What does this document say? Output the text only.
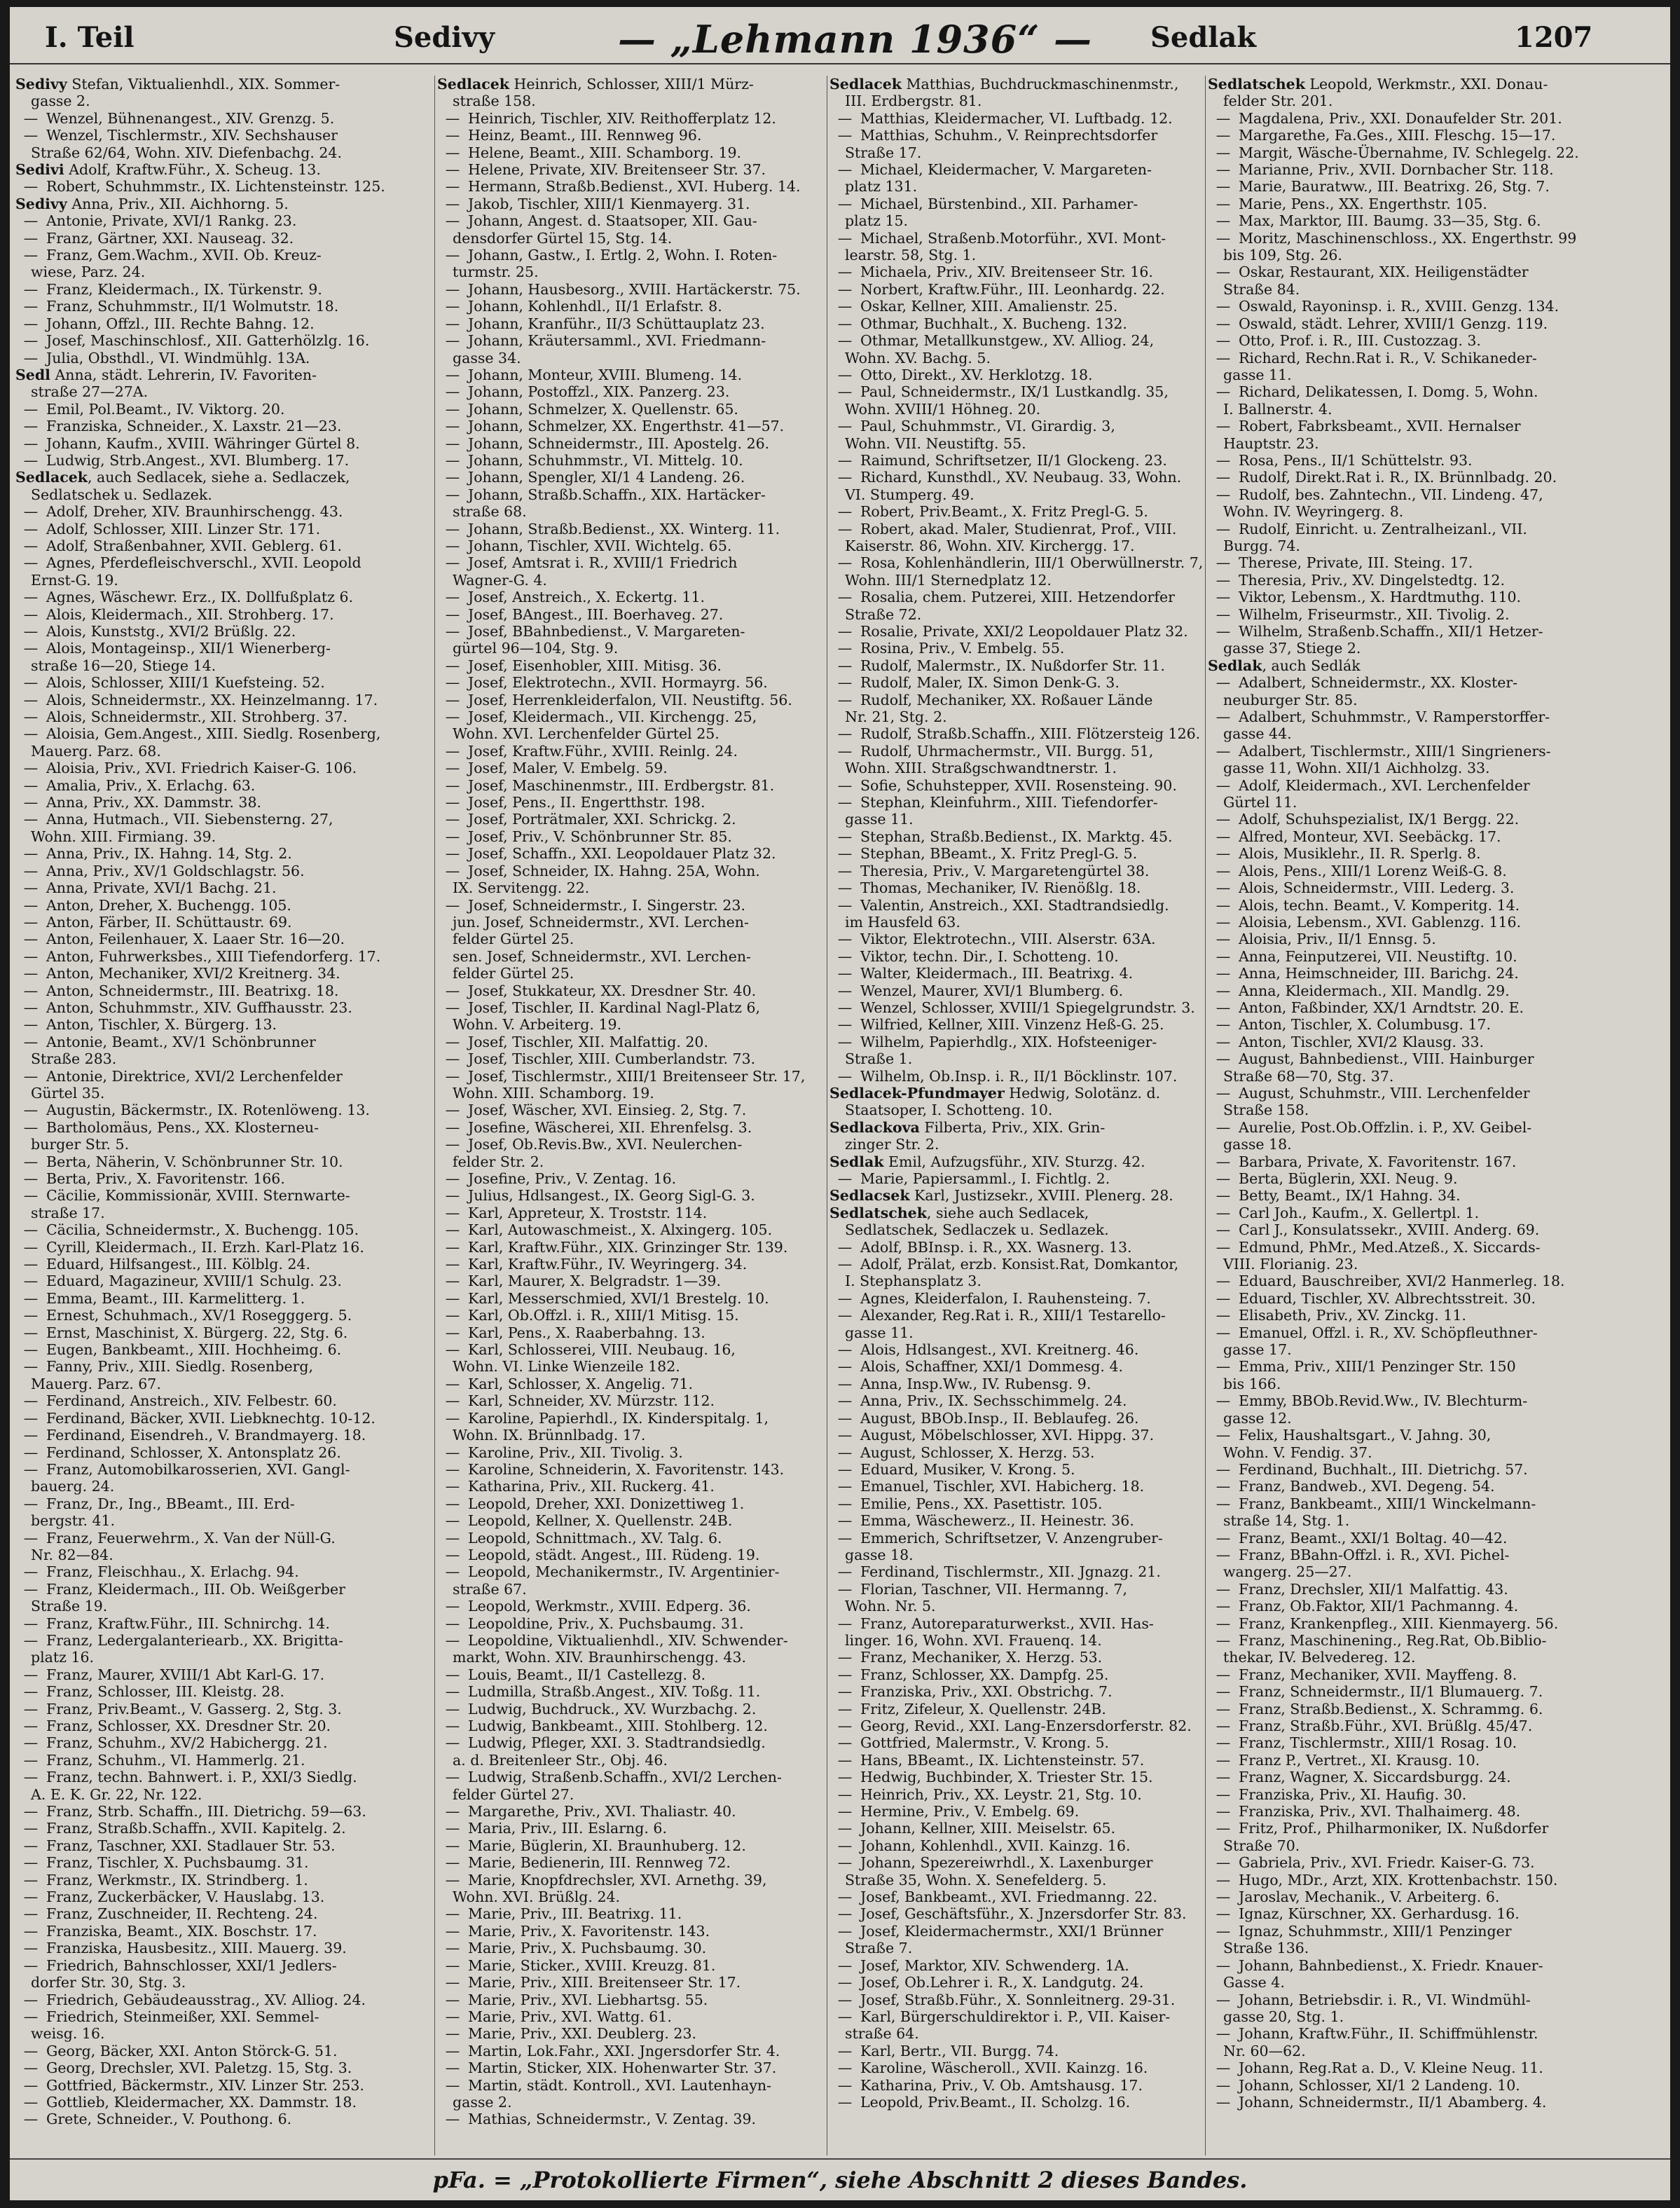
I. Teil	Sedivy	— „Lehmann 1936“ — Sedlak	1207
Sedivy Stefan, Viktualienhdl., XIX. Sommer-
gasse 2.
— Wenzel, Bühnenangest., XIV. Grenzg. 5.
— Wenzel, Tischlermstr., XIV. Sechshauser
Straße 62/64, Wohn. XIV. Diefenbachg. 24.
Sedivi Adolf, Kraftw.Führ., X. Scheug. 13.
— Robert, Schuhmmstr., IX. Lichtensteinstr. 125.
Sedivy Anna, Priv., XII. Aichhorng. 5.
— Antonie, Private, XVI/1 Rankg. 23.
— Franz, Gärtner, XXI. Nauseag. 32.
— Franz, Gem.Wachm., XVII. Ob. Kreuz-
wiese, Parz. 24.
— Franz, Kleidermach., IX. Türkenstr. 9.
— Franz, Schuhmmstr., II/1 Wolmutstr. 18.
— Johann, Offzl., III. Rechte Bahng. 12.
— Josef, Maschinschlosf., XII. Gatterhölzlg. 16.
— Julia, Obsthdl., VI. Windmühlg. 13A.
Sedl Anna, städt. Lehrerin, IV. Favoriten-
straße 27—27A.
— Emil, Pol.Beamt., IV. Viktorg. 20.
— Franziska, Schneider., X. Laxstr. 21—23.
— Johann, Kaufm., XVIII. Währinger Gürtel 8.
— Ludwig, Strb.Angest., XVI. Blumberg. 17.
Sedlacek, auch Sedlacek, siehe a. Sedlaczek,
Sedlatschek u. Sedlazek.
— Adolf, Dreher, XIV. Braunhirschengg. 43.
— Adolf, Schlosser, XIII. Linzer Str. 171.
— Adolf, Straßenbahner, XVII. Geblerg. 61.
— Agnes, Pferdefleischverschl., XVII. Leopold
Ernst-G. 19.
— Agnes, Wäschewr. Erz., IX. Dollfußplatz 6.
— Alois, Kleidermach., XII. Strohberg. 17.
— Alois, Kunststg., XVI/2 Brüßlg. 22.
— Alois, Montageinsp., XII/1 Wienerberg-
straße 16—20, Stiege 14.
— Alois, Schlosser, XIII/1 Kuefsteing. 52.
— Alois, Schneidermstr., XX. Heinzelmanng. 17.
— Alois, Schneidermstr., XII. Strohberg. 37.
— Aloisia, Gem.Angest., XIII. Siedlg. Rosenberg,
Mauerg. Parz. 68.
— Aloisia, Priv., XVI. Friedrich Kaiser-G. 106.
— Amalia, Priv., X. Erlachg. 63.
— Anna, Priv., XX. Dammstr. 38.
— Anna, Hutmach., VII. Siebensterng. 27,
Wohn. XIII. Firmiang. 39.
— Anna, Priv., IX. Hahng. 14, Stg. 2.
— Anna, Priv., XV/1 Goldschlagstr. 56.
— Anna, Private, XVI/1 Bachg. 21.
— Anton, Dreher, X. Buchengg. 105.
— Anton, Färber, II. Schüttaustr. 69.
— Anton, Feilenhauer, X. Laaer Str. 16—20.
— Anton, Fuhrwerksbes., XIII Tiefendorferg. 17.
— Anton, Mechaniker, XVI/2 Kreitnerg. 34.
— Anton, Schneidermstr., III. Beatrixg. 18.
— Anton, Schuhmmstr., XIV. Guffhausstr. 23.
— Anton, Tischler, X. Bürgerg. 13.
— Antonie, Beamt., XV/1 Schönbrunner
Straße 283.
— Antonie, Direktrice, XVI/2 Lerchenfelder
Gürtel 35.
— Augustin, Bäckermstr., IX. Rotenlöweng. 13.
— Bartholomäus, Pens., XX. Klosterneu-
burger Str. 5.
— Berta, Näherin, V. Schönbrunner Str. 10.
— Berta, Priv., X. Favoritenstr. 166.
— Cäcilie, Kommissionär, XVIII. Sternwarte-
straße 17.
— Cäcilia, Schneidermstr., X. Buchengg. 105.
— Cyrill, Kleidermach., II. Erzh. Karl-Platz 16.
— Eduard, Hilfsangest., III. Kölblg. 24.
— Eduard, Magazineur, XVIII/1 Schulg. 23.
— Emma, Beamt., III. Karmelitterg. 1.
— Ernest, Schuhmach., XV/1 Rosegggerg. 5.
— Ernst, Maschinist, X. Bürgerg. 22, Stg. 6.
— Eugen, Bankbeamt., XIII. Hochheimg. 6.
— Fanny, Priv., XIII. Siedlg. Rosenberg,
Mauerg. Parz. 67.
— Ferdinand, Anstreich., XIV. Felbestr. 60.
— Ferdinand, Bäcker, XVII. Liebknechtg. 10-12.
— Ferdinand, Eisendreh., V. Brandmayerg. 18.
— Ferdinand, Schlosser, X. Antonsplatz 26.
— Franz, Automobilkarosserien, XVI. Gangl-
bauerg. 24.
— Franz, Dr., Ing., BBeamt., III. Erd-
bergstr. 41.
— Franz, Feuerwehrm., X. Van der Nüll-G.
Nr. 82—84.
— Franz, Fleischhau., X. Erlachg. 94.
— Franz, Kleidermach., III. Ob. Weißgerber
Straße 19.
— Franz, Kraftw.Führ., III. Schnirchg. 14.
— Franz, Ledergalanteriearb., XX. Brigitta-
platz 16.
— Franz, Maurer, XVIII/1 Abt Karl-G. 17.
— Franz, Schlosser, III. Kleistg. 28.
— Franz, Priv.Beamt., V. Gasserg. 2, Stg. 3.
— Franz, Schlosser, XX. Dresdner Str. 20.
— Franz, Schuhm., XV/2 Habichergg. 21.
— Franz, Schuhm., VI. Hammerlg. 21.
— Franz, techn. Bahnwert. i. P., XXI/3 Siedlg.
A. E. K. Gr. 22, Nr. 122.
— Franz, Strb. Schaffn., III. Dietrichg. 59—63.
— Franz, Straßb.Schaffn., XVII. Kapitelg. 2.
— Franz, Taschner, XXI. Stadlauer Str. 53.
— Franz, Tischler, X. Puchsbaumg. 31.
— Franz, Werkmstr., IX. Strindberg. 1.
— Franz, Zuckerbäcker, V. Hauslabg. 13.
— Franz, Zuschneider, II. Rechteng. 24.
— Franziska, Beamt., XIX. Boschstr. 17.
— Franziska, Hausbesitz., XIII. Mauerg. 39.
— Friedrich, Bahnschlosser, XXI/1 Jedlers-
dorfer Str. 30, Stg. 3.
— Friedrich, Gebäudeausstrag., XV. Alliog. 24.
— Friedrich, Steinmeißer, XXI. Semmel-
weisg. 16.
— Georg, Bäcker, XXI. Anton Störck-G. 51.
— Georg, Drechsler, XVI. Paletzg. 15, Stg. 3.
— Gottfried, Bäckermstr., XIV. Linzer Str. 253.
— Gottlieb, Kleidermacher, XX. Dammstr. 18.
— Grete, Schneider., V. Pouthong. 6.
Sedlacek Heinrich, Schlosser, XIII/1 Mürz-
straße 158.
— Heinrich, Tischler, XIV. Reithofferplatz 12.
— Heinz, Beamt., III. Rennweg 96.
— Helene, Beamt., XIII. Schamborg. 19.
— Helene, Private, XIV. Breitenseer Str. 37.
— Hermann, Straßb.Bedienst., XVI. Huberg. 14.
— Jakob, Tischler, XIII/1 Kienmayerg. 31.
— Johann, Angest. d. Staatsoper, XII. Gau-
densdorfer Gürtel 15, Stg. 14.
— Johann, Gastw., I. Ertlg. 2, Wohn. I. Roten-
turmstr. 25.
— Johann, Hausbesorg., XVIII. Hartäckerstr. 75.
— Johann, Kohlenhdl., II/1 Erlafstr. 8.
— Johann, Kranführ., II/3 Schüttauplatz 23.
— Johann, Kräutersamml., XVI. Friedmann-
gasse 34.
— Johann, Monteur, XVIII. Blumeng. 14.
— Johann, Postoffzl., XIX. Panzerg. 23.
— Johann, Schmelzer, X. Quellenstr. 65.
— Johann, Schmelzer, XX. Engerthstr. 41—57.
— Johann, Schneidermstr., III. Apostelg. 26.
— Johann, Schuhmmstr., VI. Mittelg. 10.
— Johann, Spengler, XI/1 4 Landeng. 26.
— Johann, Straßb.Schaffn., XIX. Hartäcker-
straße 68.
— Johann, Straßb.Bedienst., XX. Winterg. 11.
— Johann, Tischler, XVII. Wichtelg. 65.
— Josef, Amtsrat i. R., XVIII/1 Friedrich
Wagner-G. 4.
— Josef, Anstreich., X. Eckertg. 11.
— Josef, BAngest., III. Boerhaveg. 27.
— Josef, BBahnbedienst., V. Margareten-
gürtel 96—104, Stg. 9.
— Josef, Eisenhobler, XIII. Mitisg. 36.
— Josef, Elektrotechn., XVII. Hormayrg. 56.
— Josef, Herrenkleiderfalon, VII. Neustiftg. 56.
— Josef, Kleidermach., VII. Kirchengg. 25,
Wohn. XVI. Lerchenfelder Gürtel 25.
— Josef, Kraftw.Führ., XVIII. Reinlg. 24.
— Josef, Maler, V. Embelg. 59.
— Josef, Maschinenmstr., III. Erdbergstr. 81.
— Josef, Pens., II. Engertthstr. 198.
— Josef, Porträtmaler, XXI. Schrickg. 2.
— Josef, Priv., V. Schönbrunner Str. 85.
— Josef, Schaffn., XXI. Leopoldauer Platz 32.
— Josef, Schneider, IX. Hahng. 25A, Wohn.
IX. Servitengg. 22.
— Josef, Schneidermstr., I. Singerstr. 23.
jun. Josef, Schneidermstr., XVI. Lerchen-
felder Gürtel 25.
sen. Josef, Schneidermstr., XVI. Lerchen-
felder Gürtel 25.
— Josef, Stukkateur, XX. Dresdner Str. 40.
— Josef, Tischler, II. Kardinal Nagl-Platz 6,
Wohn. V. Arbeiterg. 19.
— Josef, Tischler, XII. Malfattig. 20.
— Josef, Tischler, XIII. Cumberlandstr. 73.
— Josef, Tischlermstr., XIII/1 Breitenseer Str. 17,
Wohn. XIII. Schamborg. 19.
— Josef, Wäscher, XVI. Einsieg. 2, Stg. 7.
— Josefine, Wäscherei, XII. Ehrenfelsg. 3.
— Josef, Ob.Revis.Bw., XVI. Neulerchen-
felder Str. 2.
— Josefine, Priv., V. Zentag. 16.
— Julius, Hdlsangest., IX. Georg Sigl-G. 3.
— Karl, Appreteur, X. Troststr. 114.
— Karl, Autowaschmeist., X. Alxingerg. 105.
— Karl, Kraftw.Führ., XIX. Grinzinger Str. 139.
— Karl, Kraftw.Führ., IV. Weyringerg. 34.
— Karl, Maurer, X. Belgradstr. 1—39.
— Karl, Messerschmied, XVI/1 Brestelg. 10.
— Karl, Ob.Offzl. i. R., XIII/1 Mitisg. 15.
— Karl, Pens., X. Raaberbahng. 13.
— Karl, Schlosserei, VIII. Neubaug. 16,
Wohn. VI. Linke Wienzeile 182.
— Karl, Schlosser, X. Angelig. 71.
— Karl, Schneider, XV. Mürzstr. 112.
— Karoline, Papierhdl., IX. Kinderspitalg. 1,
Wohn. IX. Brünnlbadg. 17.
— Karoline, Priv., XII. Tivolig. 3.
— Karoline, Schneiderin, X. Favoritenstr. 143.
— Katharina, Priv., XII. Ruckerg. 41.
— Leopold, Dreher, XXI. Donizettiweg 1.
— Leopold, Kellner, X. Quellenstr. 24B.
— Leopold, Schnittmach., XV. Talg. 6.
— Leopold, städt. Angest., III. Rüdeng. 19.
— Leopold, Mechanikermstr., IV. Argentinier-
straße 67.
— Leopold, Werkmstr., XVIII. Edperg. 36.
— Leopoldine, Priv., X. Puchsbaumg. 31.
— Leopoldine, Viktualienhdl., XIV. Schwender-
markt, Wohn. XIV. Braunhirschengg. 43.
— Louis, Beamt., II/1 Castellezg. 8.
— Ludmilla, Straßb.Angest., XIV. Toßg. 11.
— Ludwig, Buchdruck., XV. Wurzbachg. 2.
— Ludwig, Bankbeamt., XIII. Stohlberg. 12.
— Ludwig, Pfleger, XXI. 3. Stadtrandsiedlg.
a. d. Breitenleer Str., Obj. 46.
— Ludwig, Straßenb.Schaffn., XVI/2 Lerchen-
felder Gürtel 27.
— Margarethe, Priv., XVI. Thaliastr. 40.
— Maria, Priv., III. Eslarng. 6.
— Marie, Büglerin, XI. Braunhuberg. 12.
— Marie, Bedienerin, III. Rennweg 72.
— Marie, Knopfdrechsler, XVI. Arnethg. 39,
Wohn. XVI. Brüßlg. 24.
— Marie, Priv., III. Beatrixg. 11.
— Marie, Priv., X. Favoritenstr. 143.
— Marie, Priv., X. Puchsbaumg. 30.
— Marie, Sticker., XVIII. Kreuzg. 81.
— Marie, Priv., XIII. Breitenseer Str. 17.
— Marie, Priv., XVI. Liebhartsg. 55.
— Marie, Priv., XVI. Wattg. 61.
— Marie, Priv., XXI. Deublerg. 23.
— Martin, Lok.Fahr., XXI. Jngersdorfer Str. 4.
— Martin, Sticker, XIX. Hohenwarter Str. 37.
— Martin, städt. Kontroll., XVI. Lautenhayn-
gasse 2.
— Mathias, Schneidermstr., V. Zentag. 39.
Sedlacek Matthias, Buchdruckmaschinenmstr.,
III. Erdbergstr. 81.
— Matthias, Kleidermacher, VI. Luftbadg. 12.
— Matthias, Schuhm., V. Reinprechtsdorfer
Straße 17.
— Michael, Kleidermacher, V. Margareten-
platz 131.
— Michael, Bürstenbind., XII. Parhamer-
platz 15.
— Michael, Straßenb.Motorführ., XVI. Mont-
learstr. 58, Stg. 1.
— Michaela, Priv., XIV. Breitenseer Str. 16.
— Norbert, Kraftw.Führ., III. Leonhardg. 22.
— Oskar, Kellner, XIII. Amalienstr. 25.
— Othmar, Buchhalt., X. Bucheng. 132.
— Othmar, Metallkunstgew., XV. Alliog. 24,
Wohn. XV. Bachg. 5.
— Otto, Direkt., XV. Herklotzg. 18.
— Paul, Schneidermstr., IX/1 Lustkandlg. 35,
Wohn. XVIII/1 Höhneg. 20.
— Paul, Schuhmmstr., VI. Girardig. 3,
Wohn. VII. Neustiftg. 55.
— Raimund, Schriftsetzer, II/1 Glockeng. 23.
— Richard, Kunsthdl., XV. Neubaug. 33, Wohn.
VI. Stumperg. 49.
— Robert, Priv.Beamt., X. Fritz Pregl-G. 5.
— Robert, akad. Maler, Studienrat, Prof., VIII.
Kaiserstr. 86, Wohn. XIV. Kirchergg. 17.
— Rosa, Kohlenhändlerin, III/1 Oberwüllnerstr. 7,
Wohn. III/1 Sternedplatz 12.
— Rosalia, chem. Putzerei, XIII. Hetzendorfer
Straße 72.
— Rosalie, Private, XXI/2 Leopoldauer Platz 32.
— Rosina, Priv., V. Embelg. 55.
— Rudolf, Malermstr., IX. Nußdorfer Str. 11.
— Rudolf, Maler, IX. Simon Denk-G. 3.
— Rudolf, Mechaniker, XX. Roßauer Lände
Nr. 21, Stg. 2.
— Rudolf, Straßb.Schaffn., XIII. Flötzersteig 126.
— Rudolf, Uhrmachermstr., VII. Burgg. 51,
Wohn. XIII. Straßgschwandtnerstr. 1.
— Sofie, Schuhstepper, XVII. Rosensteing. 90.
— Stephan, Kleinfuhrm., XIII. Tiefendorfer-
gasse 11.
— Stephan, Straßb.Bedienst., IX. Marktg. 45.
— Stephan, BBeamt., X. Fritz Pregl-G. 5.
— Theresia, Priv., V. Margaretengürtel 38.
— Thomas, Mechaniker, IV. Rienößlg. 18.
— Valentin, Anstreich., XXI. Stadtrandsiedlg.
im Hausfeld 63.
— Viktor, Elektrotechn., VIII. Alserstr. 63A.
— Viktor, techn. Dir., I. Schotteng. 10.
— Walter, Kleidermach., III. Beatrixg. 4.
— Wenzel, Maurer, XVI/1 Blumberg. 6.
— Wenzel, Schlosser, XVIII/1 Spiegelgrundstr. 3.
— Wilfried, Kellner, XIII. Vinzenz Heß-G. 25.
— Wilhelm, Papierhdlg., XIX. Hofsteeniger-
Straße 1.
— Wilhelm, Ob.Insp. i. R., II/1 Böcklinstr. 107.
Sedlacek-Pfundmayer Hedwig, Solotänz. d.
Staatsoper, I. Schotteng. 10.
Sedlackova Filberta, Priv., XIX. Grin-
zinger Str. 2.
Sedlak Emil, Aufzugsführ., XIV. Sturzg. 42.
— Marie, Papiersamml., I. Fichtlg. 2.
Sedlacsek Karl, Justizsekr., XVIII. Plenerg. 28.
Sedlatschek, siehe auch Sedlacek,
Sedlatschek, Sedlaczek u. Sedlazek.
— Adolf, BBInsp. i. R., XX. Wasnerg. 13.
— Adolf, Prälat, erzb. Konsist.Rat, Domkantor,
I. Stephansplatz 3.
— Agnes, Kleiderfalon, I. Rauhensteing. 7.
— Alexander, Reg.Rat i. R., XIII/1 Testarello-
gasse 11.
— Alois, Hdlsangest., XVI. Kreitnerg. 46.
— Alois, Schaffner, XXI/1 Dommesg. 4.
— Anna, Insp.Ww., IV. Rubensg. 9.
— Anna, Priv., IX. Sechsschimmelg. 24.
— August, BBOb.Insp., II. Beblaufeg. 26.
— August, Möbelschlosser, XVI. Hippg. 37.
— August, Schlosser, X. Herzg. 53.
— Eduard, Musiker, V. Krong. 5.
— Emanuel, Tischler, XVI. Habicherg. 18.
— Emilie, Pens., XX. Pasettistr. 105.
— Emma, Wäschewerz., II. Heinestr. 36.
— Emmerich, Schriftsetzer, V. Anzengruber-
gasse 18.
— Ferdinand, Tischlermstr., XII. Jgnazg. 21.
— Florian, Taschner, VII. Hermanng. 7,
Wohn. Nr. 5.
— Franz, Autoreparaturwerkst., XVII. Has-
linger. 16, Wohn. XVI. Frauenq. 14.
— Franz, Mechaniker, X. Herzg. 53.
— Franz, Schlosser, XX. Dampfg. 25.
— Franziska, Priv., XXI. Obstrichg. 7.
— Fritz, Zifeleur, X. Quellenstr. 24B.
— Georg, Revid., XXI. Lang-Enzersdorferstr. 82.
— Gottfried, Malermstr., V. Krong. 5.
— Hans, BBeamt., IX. Lichtensteinstr. 57.
— Hedwig, Buchbinder, X. Triester Str. 15.
— Heinrich, Priv., XX. Leystr. 21, Stg. 10.
— Hermine, Priv., V. Embelg. 69.
— Johann, Kellner, XIII. Meiselstr. 65.
— Johann, Kohlenhdl., XVII. Kainzg. 16.
— Johann, Spezereiwrhdl., X. Laxenburger
Straße 35, Wohn. X. Senefelderg. 5.
— Josef, Bankbeamt., XVI. Friedmanng. 22.
— Josef, Geschäftsführ., X. Jnzersdorfer Str. 83.
— Josef, Kleidermachermstr., XXI/1 Brünner
Straße 7.
— Josef, Marktor, XIV. Schwenderg. 1A.
— Josef, Ob.Lehrer i. R., X. Landgutg. 24.
— Josef, Straßb.Führ., X. Sonnleitnerg. 29-31.
— Karl, Bürgerschuldirektor i. P., VII. Kaiser-
straße 64.
— Karl, Bertr., VII. Burgg. 74.
— Karoline, Wäscheroll., XVII. Kainzg. 16.
— Katharina, Priv., V. Ob. Amtshausg. 17.
— Leopold, Priv.Beamt., II. Scholzg. 16.
Sedlatschek Leopold, Werkmstr., XXI. Donau-
felder Str. 201.
— Magdalena, Priv., XXI. Donaufelder Str. 201.
— Margarethe, Fa.Ges., XIII. Fleschg. 15—17.
— Margit, Wäsche-Übernahme, IV. Schlegelg. 22.
— Marianne, Priv., XVII. Dornbacher Str. 118.
— Marie, Bauratww., III. Beatrixg. 26, Stg. 7.
— Marie, Pens., XX. Engerthstr. 105.
— Max, Marktor, III. Baumg. 33—35, Stg. 6.
— Moritz, Maschinenschloss., XX. Engerthstr. 99
bis 109, Stg. 26.
— Oskar, Restaurant, XIX. Heiligenstädter
Straße 84.
— Oswald, Rayoninsp. i. R., XVIII. Genzg. 134.
— Oswald, städt. Lehrer, XVIII/1 Genzg. 119.
— Otto, Prof. i. R., III. Custozzag. 3.
— Richard, Rechn.Rat i. R., V. Schikaneder-
gasse 11.
— Richard, Delikatessen, I. Domg. 5, Wohn.
I. Ballnerstr. 4.
— Robert, Fabrksbeamt., XVII. Hernalser
Hauptstr. 23.
— Rosa, Pens., II/1 Schüttelstr. 93.
— Rudolf, Direkt.Rat i. R., IX. Brünnlbadg. 20.
— Rudolf, bes. Zahntechn., VII. Lindeng. 47,
Wohn. IV. Weyringerg. 8.
— Rudolf, Einricht. u. Zentralheizanl., VII.
Burgg. 74.
— Therese, Private, III. Steing. 17.
— Theresia, Priv., XV. Dingelstedtg. 12.
— Viktor, Lebensm., X. Hardtmuthg. 110.
— Wilhelm, Friseurmstr., XII. Tivolig. 2.
— Wilhelm, Straßenb.Schaffn., XII/1 Hetzer-
gasse 37, Stiege 2.
Sedlak, auch Sedlák
— Adalbert, Schneidermstr., XX. Kloster-
neuburger Str. 85.
— Adalbert, Schuhmmstr., V. Ramperstorffer-
gasse 44.
— Adalbert, Tischlermstr., XIII/1 Singrieners-
gasse 11, Wohn. XII/1 Aichholzg. 33.
— Adolf, Kleidermach., XVI. Lerchenfelder
Gürtel 11.
— Adolf, Schuhspezialist, IX/1 Bergg. 22.
— Alfred, Monteur, XVI. Seebäckg. 17.
— Alois, Musiklehr., II. R. Sperlg. 8.
— Alois, Pens., XIII/1 Lorenz Weiß-G. 8.
— Alois, Schneidermstr., VIII. Lederg. 3.
— Alois, techn. Beamt., V. Komperitg. 14.
— Aloisia, Lebensm., XVI. Gablenzg. 116.
— Aloisia, Priv., II/1 Ennsg. 5.
— Anna, Feinputzerei, VII. Neustiftg. 10.
— Anna, Heimschneider, III. Barichg. 24.
— Anna, Kleidermach., XII. Mandlg. 29.
— Anton, Faßbinder, XX/1 Arndtstr. 20. E.
— Anton, Tischler, X. Columbusg. 17.
— Anton, Tischler, XVI/2 Klausg. 33.
— August, Bahnbedienst., VIII. Hainburger
Straße 68—70, Stg. 37.
— August, Schuhmstr., VIII. Lerchenfelder
Straße 158.
— Aurelie, Post.Ob.Offzlin. i. P., XV. Geibel-
gasse 18.
— Barbara, Private, X. Favoritenstr. 167.
— Berta, Büglerin, XXI. Neug. 9.
— Betty, Beamt., IX/1 Hahng. 34.
— Carl Joh., Kaufm., X. Gellertpl. 1.
— Carl J., Konsulatssekr., XVIII. Anderg. 69.
— Edmund, PhMr., Med.Atzeß., X. Siccards-
VIII. Florianig. 23.
— Eduard, Bauschreiber, XVI/2 Hanmerleg. 18.
— Eduard, Tischler, XV. Albrechtsstreit. 30.
— Elisabeth, Priv., XV. Zinckg. 11.
— Emanuel, Offzl. i. R., XV. Schöpfleuthner-
gasse 17.
— Emma, Priv., XIII/1 Penzinger Str. 150
bis 166.
— Emmy, BBOb.Revid.Ww., IV. Blechturm-
gasse 12.
— Felix, Haushaltsgart., V. Jahng. 30,
Wohn. V. Fendig. 37.
— Ferdinand, Buchhalt., III. Dietrichg. 57.
— Franz, Bandweb., XVI. Degeng. 54.
— Franz, Bankbeamt., XIII/1 Winckelmann-
straße 14, Stg. 1.
— Franz, Beamt., XXI/1 Boltag. 40—42.
— Franz, BBahn-Offzl. i. R., XVI. Pichel-
wangerg. 25—27.
— Franz, Drechsler, XII/1 Malfattig. 43.
— Franz, Ob.Faktor, XII/1 Pachmanng. 4.
— Franz, Krankenpfleg., XIII. Kienmayerg. 56.
— Franz, Maschinening., Reg.Rat, Ob.Biblio-
thekar, IV. Belvedereg. 12.
— Franz, Mechaniker, XVII. Mayffeng. 8.
— Franz, Schneidermstr., II/1 Blumauerg. 7.
— Franz, Straßb.Bedienst., X. Schrammg. 6.
— Franz, Straßb.Führ., XVI. Brüßlg. 45/47.
— Franz, Tischlermstr., XIII/1 Rosag. 10.
— Franz P., Vertret., XI. Krausg. 10.
— Franz, Wagner, X. Siccardsburgg. 24.
— Franziska, Priv., XI. Haufig. 30.
— Franziska, Priv., XVI. Thalhaimerg. 48.
— Fritz, Prof., Philharmoniker, IX. Nußdorfer
Straße 70.
— Gabriela, Priv., XVI. Friedr. Kaiser-G. 73.
— Hugo, MDr., Arzt, XIX. Krottenbachstr. 150.
— Jaroslav, Mechanik., V. Arbeiterg. 6.
— Ignaz, Kürschner, XX. Gerhardusg. 16.
— Ignaz, Schuhmmstr., XIII/1 Penzinger
Straße 136.
— Johann, Bahnbedienst., X. Friedr. Knauer-
Gasse 4.
— Johann, Betriebsdir. i. R., VI. Windmühl-
gasse 20, Stg. 1.
— Johann, Kraftw.Führ., II. Schiffmühlenstr.
Nr. 60—62.
— Johann, Reg.Rat a. D., V. Kleine Neug. 11.
— Johann, Schlosser, XI/1 2 Landeng. 10.
— Johann, Schneidermstr., II/1 Abamberg. 4.
pFa. = „Protokollierte Firmen“, siehe Abschnitt 2 dieses Bandes.
